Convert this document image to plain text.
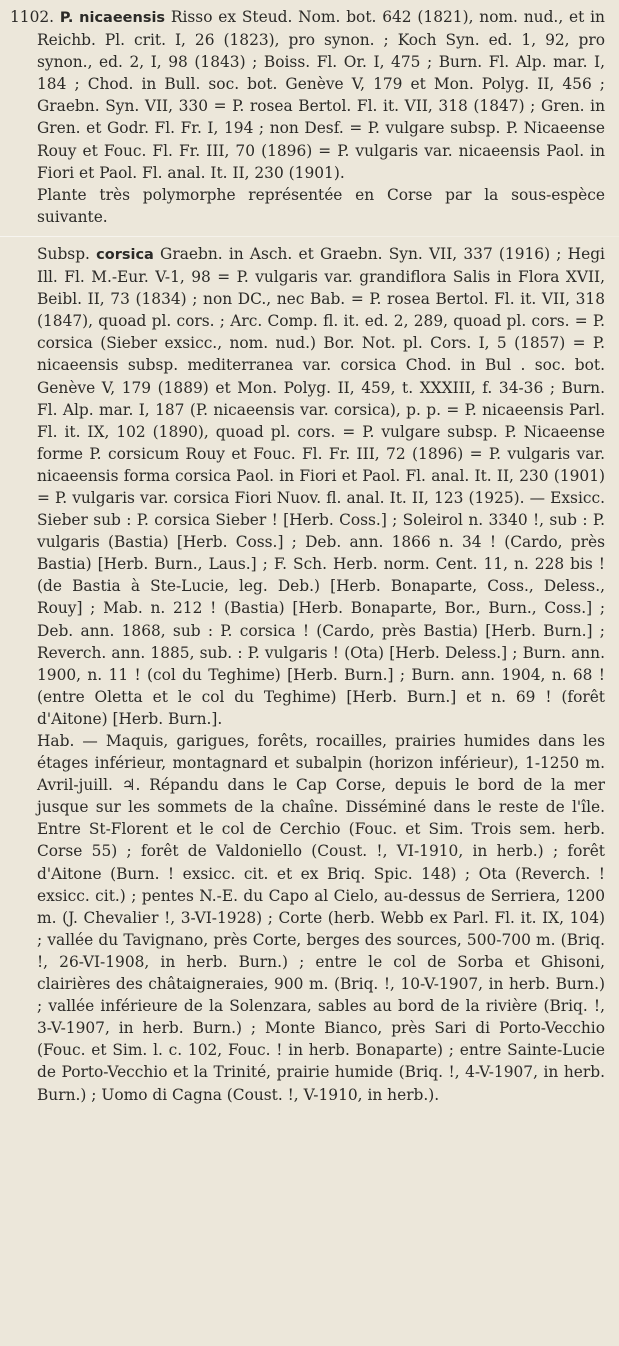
1102. P. nicaeensis Risso ex Steud. Nom. bot. 642 (1821), nom. nud., et in Reichb. Pl. crit. I, 26 (1823), pro synon. ; Koch Syn. ed. 1, 92, pro synon., ed. 2, I, 98 (1843) ; Boiss. Fl. Or. I, 475 ; Burn. Fl. Alp. mar. I, 184 ; Chod. in Bull. soc. bot. Genève V, 179 et Mon. Polyg. II, 456 ; Graebn. Syn. VII, 330 = P. rosea Bertol. Fl. it. VII, 318 (1847) ; Gren. in Gren. et Godr. Fl. Fr. I, 194 ; non Desf. = P. vulgare subsp. P. Nicaeense Rouy et Fouc. Fl. Fr. III, 70 (1896) = P. vulgaris var. nicaeensis Paol. in Fiori et Paol. Fl. anal. It. II, 230 (1901).

Plante très polymorphe représentée en Corse par la sous-espèce suivante.

Subsp. corsica Graebn. in Asch. et Graebn. Syn. VII, 337 (1916) ; Hegi Ill. Fl. M.-Eur. V-1, 98 = P. vulgaris var. grandiflora Salis in Flora XVII, Beibl. II, 73 (1834) ; non DC., nec Bab. = P. rosea Bertol. Fl. it. VII, 318 (1847), quoad pl. cors. ; Arc. Comp. fl. it. ed. 2, 289, quoad pl. cors. = P. corsica (Sieber exsicc., nom. nud.) Bor. Not. pl. Cors. I, 5 (1857) = P. nicaeensis subsp. mediterranea var. corsica Chod. in Bul . soc. bot. Genève V, 179 (1889) et Mon. Polyg. II, 459, t. XXXIII, f. 34-36 ; Burn. Fl. Alp. mar. I, 187 (P. nicaeensis var. corsica), p. p. = P. nicaeensis Parl. Fl. it. IX, 102 (1890), quoad pl. cors. = P. vulgare subsp. P. Nicaeense forme P. corsicum Rouy et Fouc. Fl. Fr. III, 72 (1896) = P. vulgaris var. nicaeensis forma corsica Paol. in Fiori et Paol. Fl. anal. It. II, 230 (1901) = P. vulgaris var. corsica Fiori Nuov. fl. anal. It. II, 123 (1925). — Exsicc. Sieber sub : P. corsica Sieber ! [Herb. Coss.] ; Soleirol n. 3340 !, sub : P. vulgaris (Bastia) [Herb. Coss.] ; Deb. ann. 1866 n. 34 ! (Cardo, près Bastia) [Herb. Burn., Laus.] ; F. Sch. Herb. norm. Cent. 11, n. 228 bis ! (de Bastia à Ste-Lucie, leg. Deb.) [Herb. Bonaparte, Coss., Deless., Rouy] ; Mab. n. 212 ! (Bastia) [Herb. Bonaparte, Bor., Burn., Coss.] ; Deb. ann. 1868, sub : P. corsica ! (Cardo, près Bastia) [Herb. Burn.] ; Reverch. ann. 1885, sub. : P. vulgaris ! (Ota) [Herb. Deless.] ; Burn. ann. 1900, n. 11 ! (col du Teghime) [Herb. Burn.] ; Burn. ann. 1904, n. 68 ! (entre Oletta et le col du Teghime) [Herb. Burn.] et n. 69 ! (forêt d'Aitone) [Herb. Burn.].

Hab. — Maquis, garigues, forêts, rocailles, prairies humides dans les étages inférieur, montagnard et subalpin (horizon inférieur), 1-1250 m. Avril-juill. ♃. Répandu dans le Cap Corse, depuis le bord de la mer jusque sur les sommets de la chaîne. Disséminé dans le reste de l'île. Entre St-Florent et le col de Cerchio (Fouc. et Sim. Trois sem. herb. Corse 55) ; forêt de Valdoniello (Coust. !, VI-1910, in herb.) ; forêt d'Aitone (Burn. ! exsicc. cit. et ex Briq. Spic. 148) ; Ota (Reverch. ! exsicc. cit.) ; pentes N.-E. du Capo al Cielo, au-dessus de Serriera, 1200 m. (J. Chevalier !, 3-VI-1928) ; Corte (herb. Webb ex Parl. Fl. it. IX, 104) ; vallée du Tavignano, près Corte, berges des sources, 500-700 m. (Briq. !, 26-VI-1908, in herb. Burn.) ; entre le col de Sorba et Ghisoni, clairières des châtaigneraies, 900 m. (Briq. !, 10-V-1907, in herb. Burn.) ; vallée inférieure de la Solenzara, sables au bord de la rivière (Briq. !, 3-V-1907, in herb. Burn.) ; Monte Bianco, près Sari di Porto-Vecchio (Fouc. et Sim. l. c. 102, Fouc. ! in herb. Bonaparte) ; entre Sainte-Lucie de Porto-Vecchio et la Trinité, prairie humide (Briq. !, 4-V-1907, in herb. Burn.) ; Uomo di Cagna (Coust. !, V-1910, in herb.).
